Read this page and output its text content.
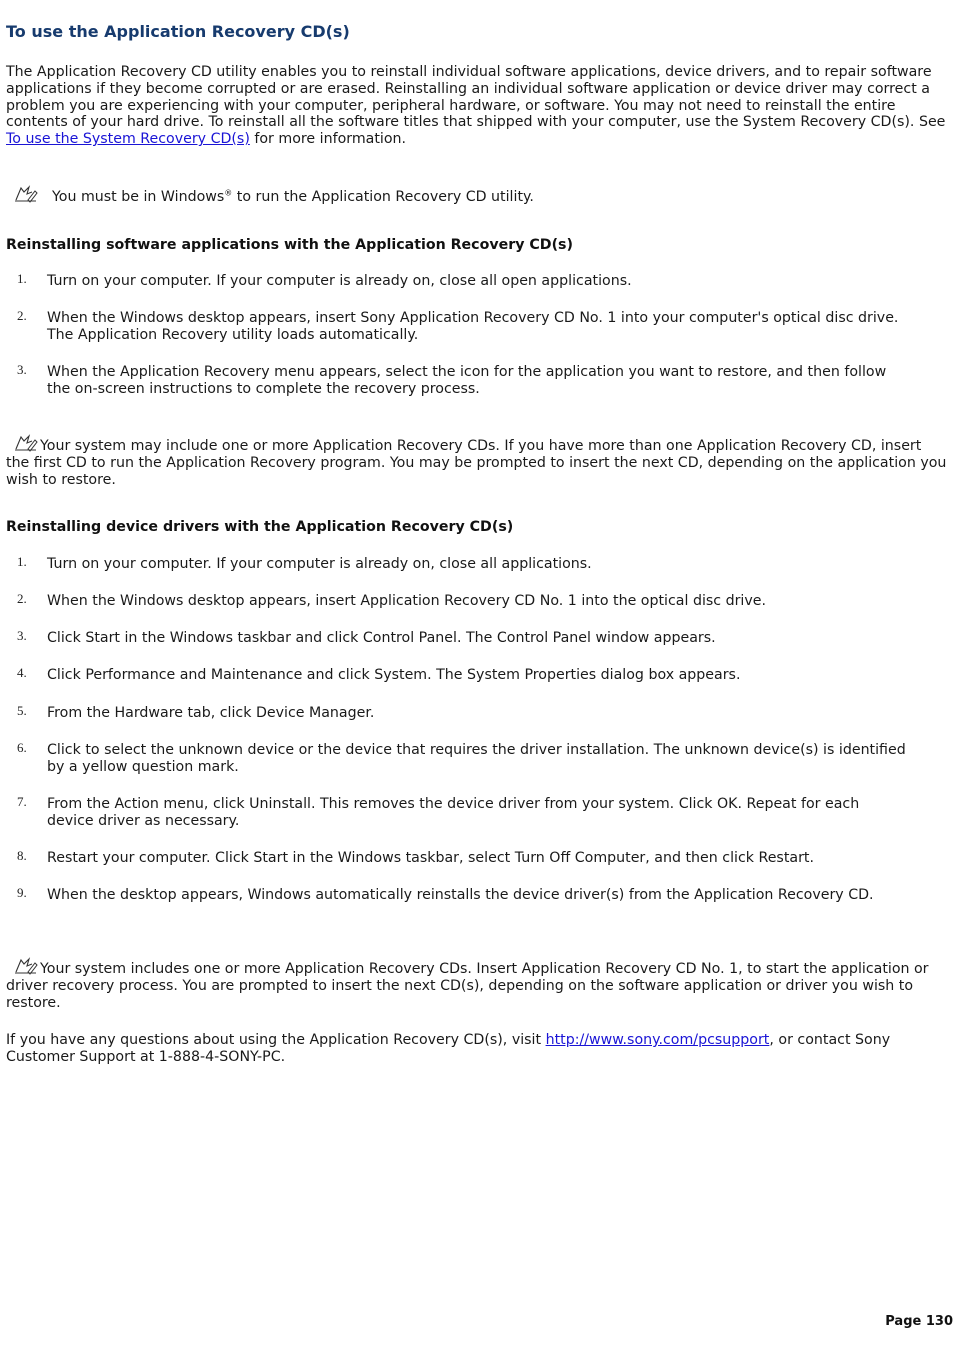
To use the Application Recovery CD(s)

The Application Recovery CD utility enables you to reinstall individual software applications, device drivers, and to repair software applications if they become corrupted or are erased. Reinstalling an individual software application or device driver may correct a problem you are experiencing with your computer, peripheral hardware, or software. You may not need to reinstall the entire contents of your hard drive. To reinstall all the software titles that shipped with your computer, use the System Recovery CD(s). See To use the System Recovery CD(s) for more information.

You must be in Windows® to run the Application Recovery CD utility.

Reinstalling software applications with the Application Recovery CD(s)
1. Turn on your computer. If your computer is already on, close all open applications.
2. When the Windows desktop appears, insert Sony Application Recovery CD No. 1 into your computer's optical disc drive. The Application Recovery utility loads automatically.
3. When the Application Recovery menu appears, select the icon for the application you want to restore, and then follow the on-screen instructions to complete the recovery process.

Your system may include one or more Application Recovery CDs. If you have more than one Application Recovery CD, insert the first CD to run the Application Recovery program. You may be prompted to insert the next CD, depending on the application you wish to restore.

Reinstalling device drivers with the Application Recovery CD(s)
1. Turn on your computer. If your computer is already on, close all applications.
2. When the Windows desktop appears, insert Application Recovery CD No. 1 into the optical disc drive.
3. Click Start in the Windows taskbar and click Control Panel. The Control Panel window appears.
4. Click Performance and Maintenance and click System. The System Properties dialog box appears.
5. From the Hardware tab, click Device Manager.
6. Click to select the unknown device or the device that requires the driver installation. The unknown device(s) is identified by a yellow question mark.
7. From the Action menu, click Uninstall. This removes the device driver from your system. Click OK. Repeat for each device driver as necessary.
8. Restart your computer. Click Start in the Windows taskbar, select Turn Off Computer, and then click Restart.
9. When the desktop appears, Windows automatically reinstalls the device driver(s) from the Application Recovery CD.

Your system includes one or more Application Recovery CDs. Insert Application Recovery CD No. 1, to start the application or driver recovery process. You are prompted to insert the next CD(s), depending on the software application or driver you wish to restore.

If you have any questions about using the Application Recovery CD(s), visit http://www.sony.com/pcsupport, or contact Sony Customer Support at 1-888-4-SONY-PC.

Page 130
